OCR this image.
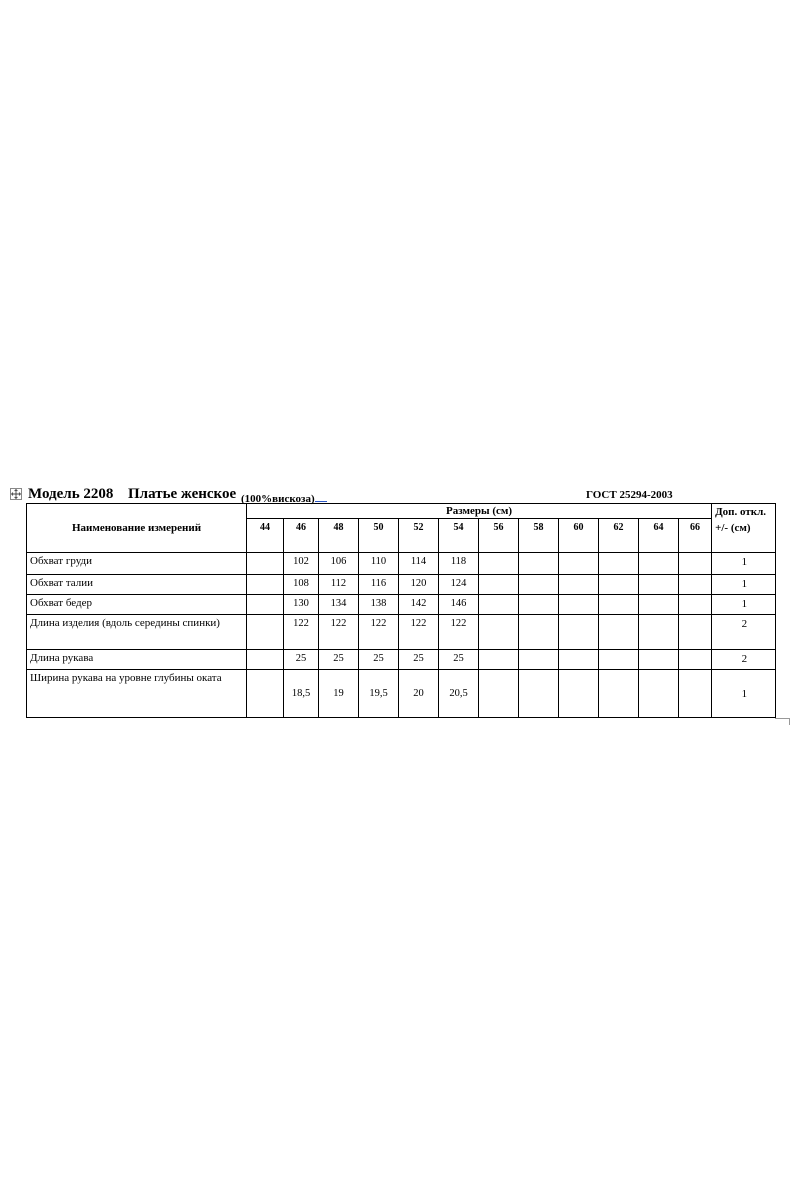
Модель 2208 Платье женское (100%вискоза)	ГОСТ 25294-2003
Наименование измерений	Размеры (см)												Доп. откл. +/- (см)
	44	46	48	50	52	54	56	58	60	62	64	66	
Обхват груди		102	106	110	114	118							1
Обхват талии		108	112	116	120	124							1
Обхват бедер		130	134	138	142	146							1
Длина изделия (вдоль середины спинки)		122	122	122	122	122							2
Длина рукава		25	25	25	25	25							2
Ширина рукава на уровне глубины оката		18,5	19	19,5	20	20,5							1
